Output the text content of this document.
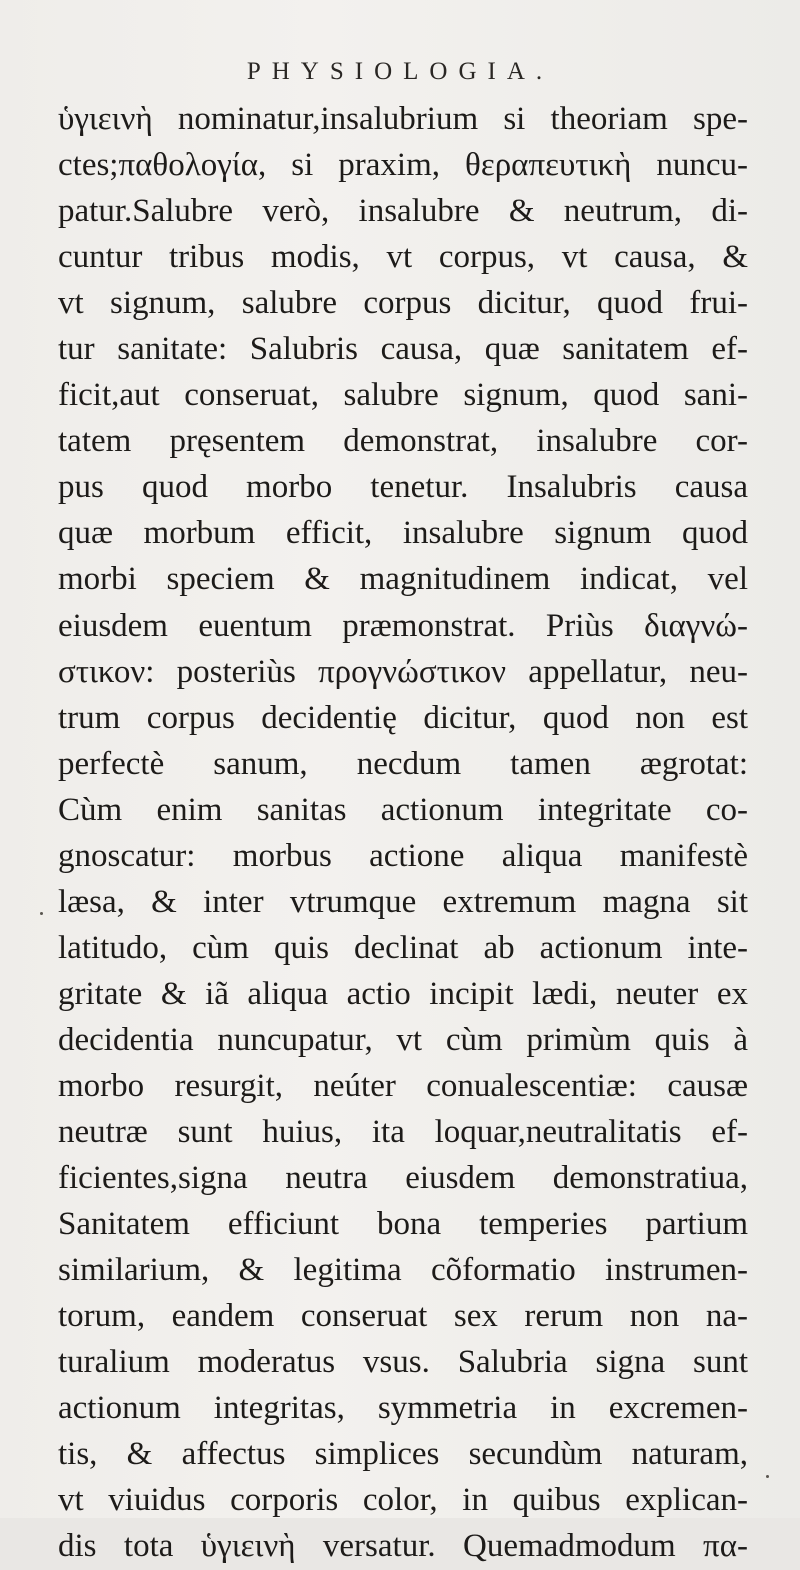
PHYSIOLOGIA.
ὑγιεινὴ nominatur,insalubrium si theoriam spe-
ctes;παθολογία, si praxim, θεραπευτικὴ nuncu-
patur.Salubre verò, insalubre & neutrum, di-
cuntur tribus modis, vt corpus, vt causa, &
vt signum, salubre corpus dicitur, quod frui-
tur sanitate: Salubris causa, quæ sanitatem ef-
ficit,aut conseruat, salubre signum, quod sani-
tatem pręsentem demonstrat, insalubre cor-
pus quod morbo tenetur. Insalubris causa
quæ morbum efficit, insalubre signum quod
morbi speciem & magnitudinem indicat, vel
eiusdem euentum præmonstrat. Priùs διαγνώ-
στικον: posteriùs προγνώστικον appellatur, neu-
trum corpus decidentię dicitur, quod non est
perfectè sanum, necdum tamen ægrotat:
Cùm enim sanitas actionum integritate co-
gnoscatur: morbus actione aliqua manifestè
læsa, & inter vtrumque extremum magna sit
latitudo, cùm quis declinat ab actionum inte-
gritate & iã aliqua actio incipit lædi, neuter ex
decidentia nuncupatur, vt cùm primùm quis à
morbo resurgit, neúter conualescentiæ: causæ
neutræ sunt huius, ita loquar,neutralitatis ef-
ficientes,signa neutra eiusdem demonstratiua,
Sanitatem efficiunt bona temperies partium
similarium, & legitima cõformatio instrumen-
torum, eandem conseruat sex rerum non na-
turalium moderatus vsus. Salubria signa sunt
actionum integritas, symmetria in excremen-
tis, & affectus simplices secundùm naturam,
vt viuidus corporis color, in quibus explican-
dis tota ὑγιεινὴ versatur. Quemadmodum πα-
